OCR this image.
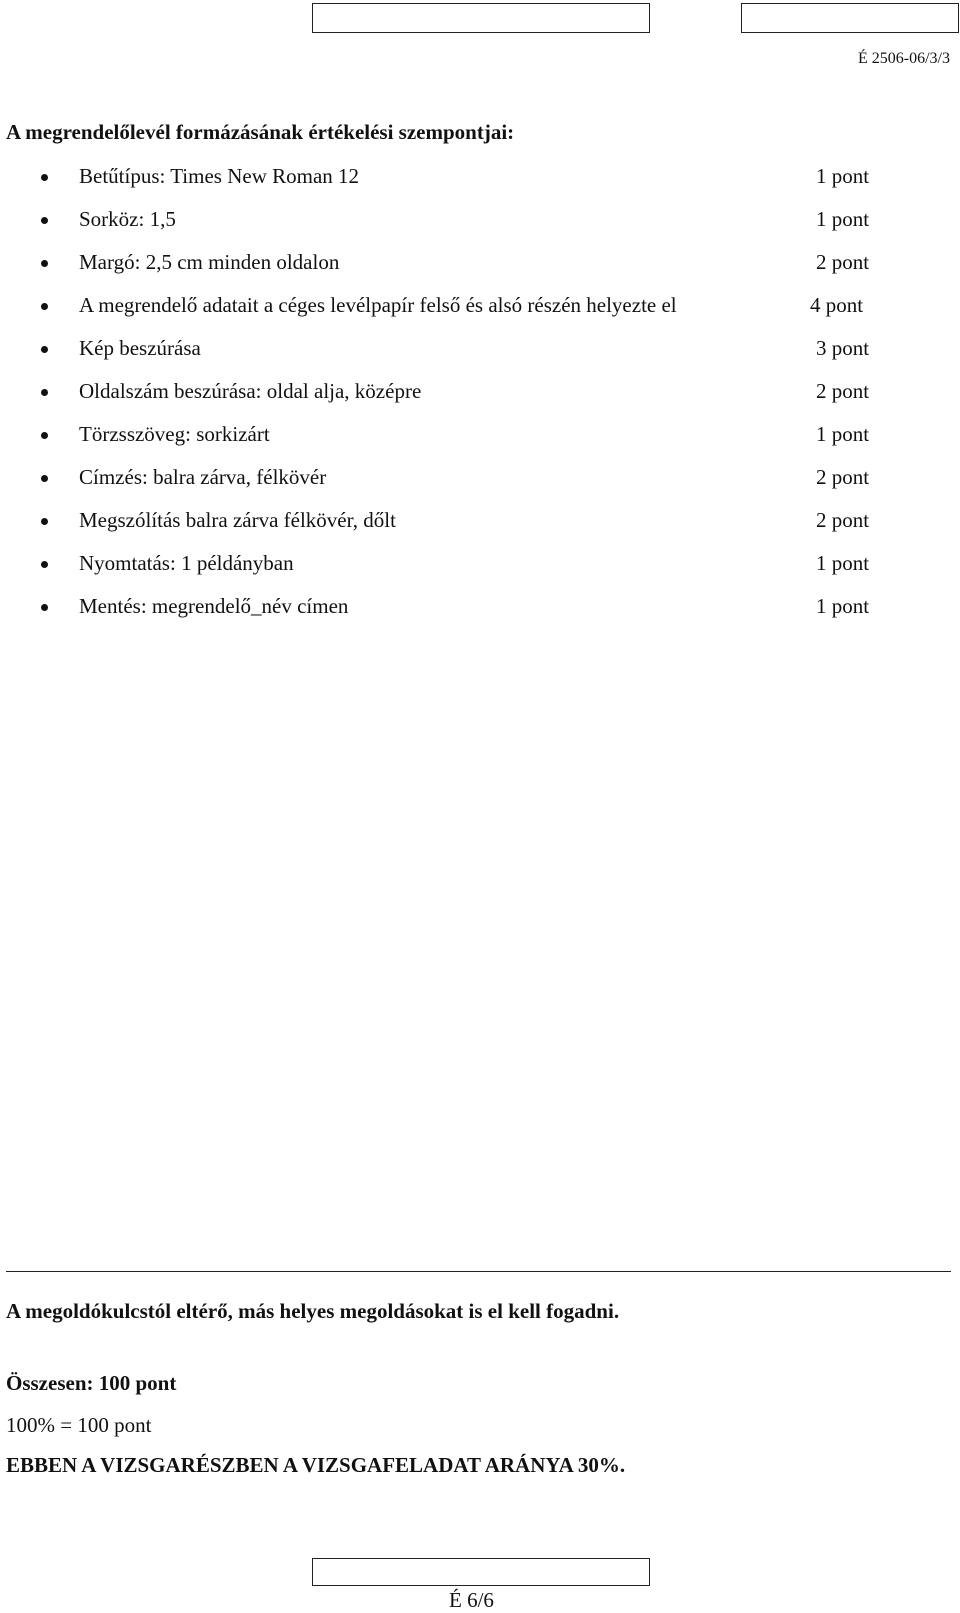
É 2506-06/3/3
A megrendelőlevél formázásának értékelési szempontjai:
Betűtípus: Times New Roman 12	1 pont
Sorköz: 1,5	1 pont
Margó: 2,5 cm minden oldalon	2 pont
A megrendelő adatait a céges levélpapír felső és alsó részén helyezte el	4 pont
Kép beszúrása	3 pont
Oldalszám beszúrása: oldal alja, középre	2 pont
Törzsszöveg: sorkizárt	1 pont
Címzés: balra zárva, félkövér	2 pont
Megszólítás balra zárva félkövér, dőlt	2 pont
Nyomtatás: 1 példányban	1 pont
Mentés: megrendelő_név címen	1 pont
A megoldókulcstól eltérő, más helyes megoldásokat is el kell fogadni.
Összesen: 100 pont
100% = 100 pont
EBBEN A VIZSGARÉSZBEN A VIZSGAFELADAT ARÁNYA 30%.
É 6/6
